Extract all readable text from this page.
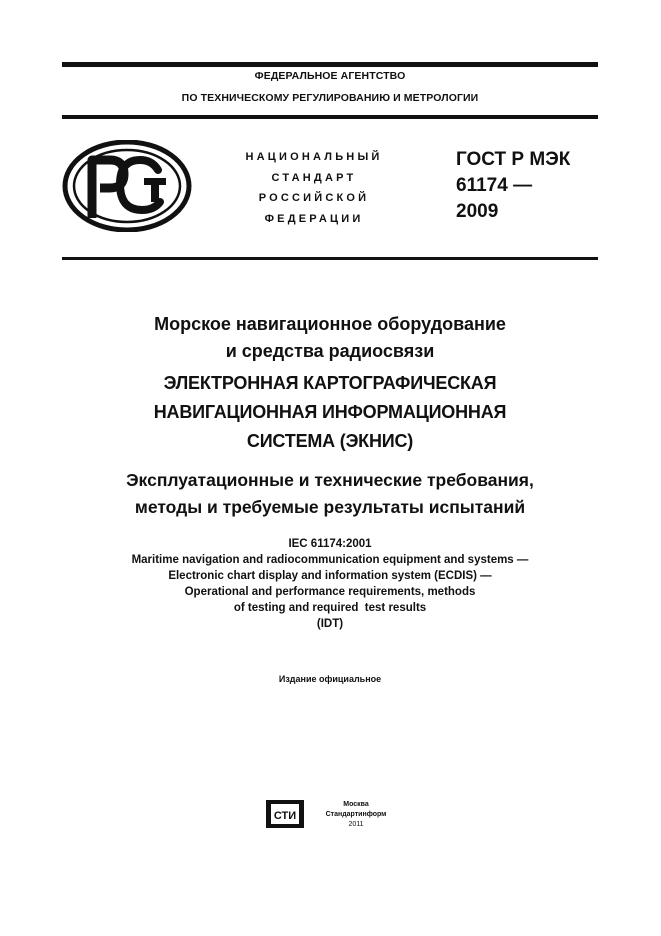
ФЕДЕРАЛЬНОЕ АГЕНТСТВО
ПО ТЕХНИЧЕСКОМУ РЕГУЛИРОВАНИЮ И МЕТРОЛОГИИ
НАЦИОНАЛЬНЫЙ
СТАНДАРТ
РОССИЙСКОЙ
ФЕДЕРАЦИИ
ГОСТ Р МЭК
61174 —
2009
Морское навигационное оборудование
и средства радиосвязи
ЭЛЕКТРОННАЯ КАРТОГРАФИЧЕСКАЯ
НАВИГАЦИОННАЯ ИНФОРМАЦИОННАЯ
СИСТЕМА (ЭКНИС)
Эксплуатационные и технические требования,
методы и требуемые результаты испытаний
IEC 61174:2001
Maritime navigation and radiocommunication equipment and systems —
Electronic chart display and information system (ECDIS) —
Operational and performance requirements, methods
of testing and required  test results
(IDT)
Издание официальное
СТИ
Москва
Стандартинформ
2011
